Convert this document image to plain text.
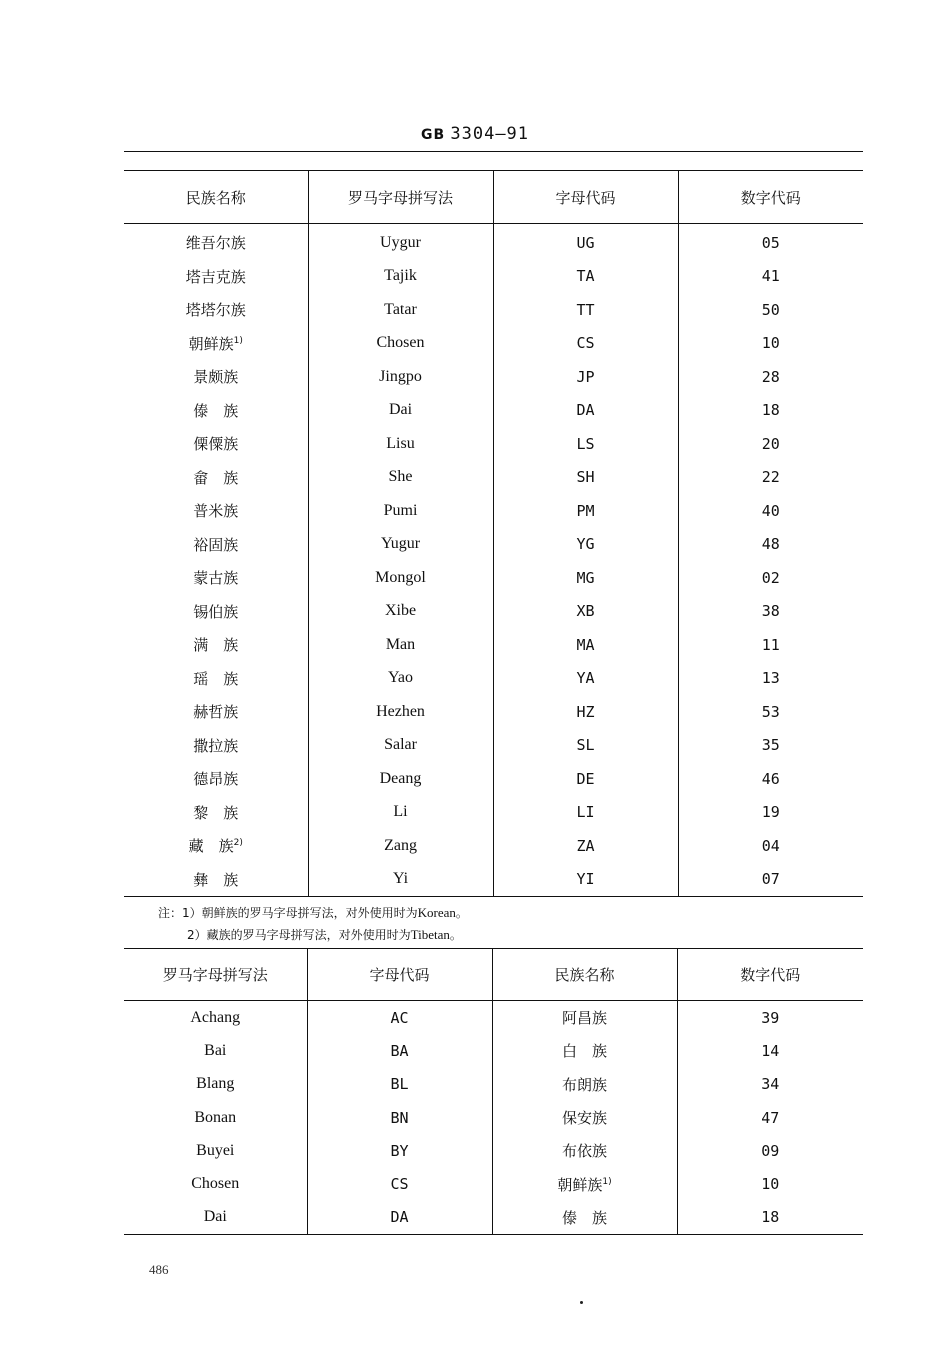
GB 3304—91
民族名称	罗马字母拼写法	字母代码	数字代码
维吾尔族	Uygur	UG	05
塔吉克族	Tajik	TA	41
塔塔尔族	Tatar	TT	50
朝鲜族$^{1)}$	Chosen	CS	10
景颇族	Jingpo	JP	28
傣　族	Dai	DA	18
傈僳族	Lisu	LS	20
畲　族	She	SH	22
普米族	Pumi	PM	40
裕固族	Yugur	YG	48
蒙古族	Mongol	MG	02
锡伯族	Xibe	XB	38
满　族	Man	MA	11
瑶　族	Yao	YA	13
赫哲族	Hezhen	HZ	53
撒拉族	Salar	SL	35
德昂族	Deang	DE	46
黎　族	Li	LI	19
藏　族$^{2)}$	Zang	ZA	04
彝　族	Yi	YI	07
注：1）朝鲜族的罗马字母拼写法，对外使用时为Korean。
2）藏族的罗马字母拼写法，对外使用时为Tibetan。
罗马字母拼写法	字母代码	民族名称	数字代码
Achang	AC	阿昌族	39
Bai	BA	白　族	14
Blang	BL	布朗族	34
Bonan	BN	保安族	47
Buyei	BY	布依族	09
Chosen	CS	朝鲜族$^{1)}$	10
Dai	DA	傣　族	18
486
